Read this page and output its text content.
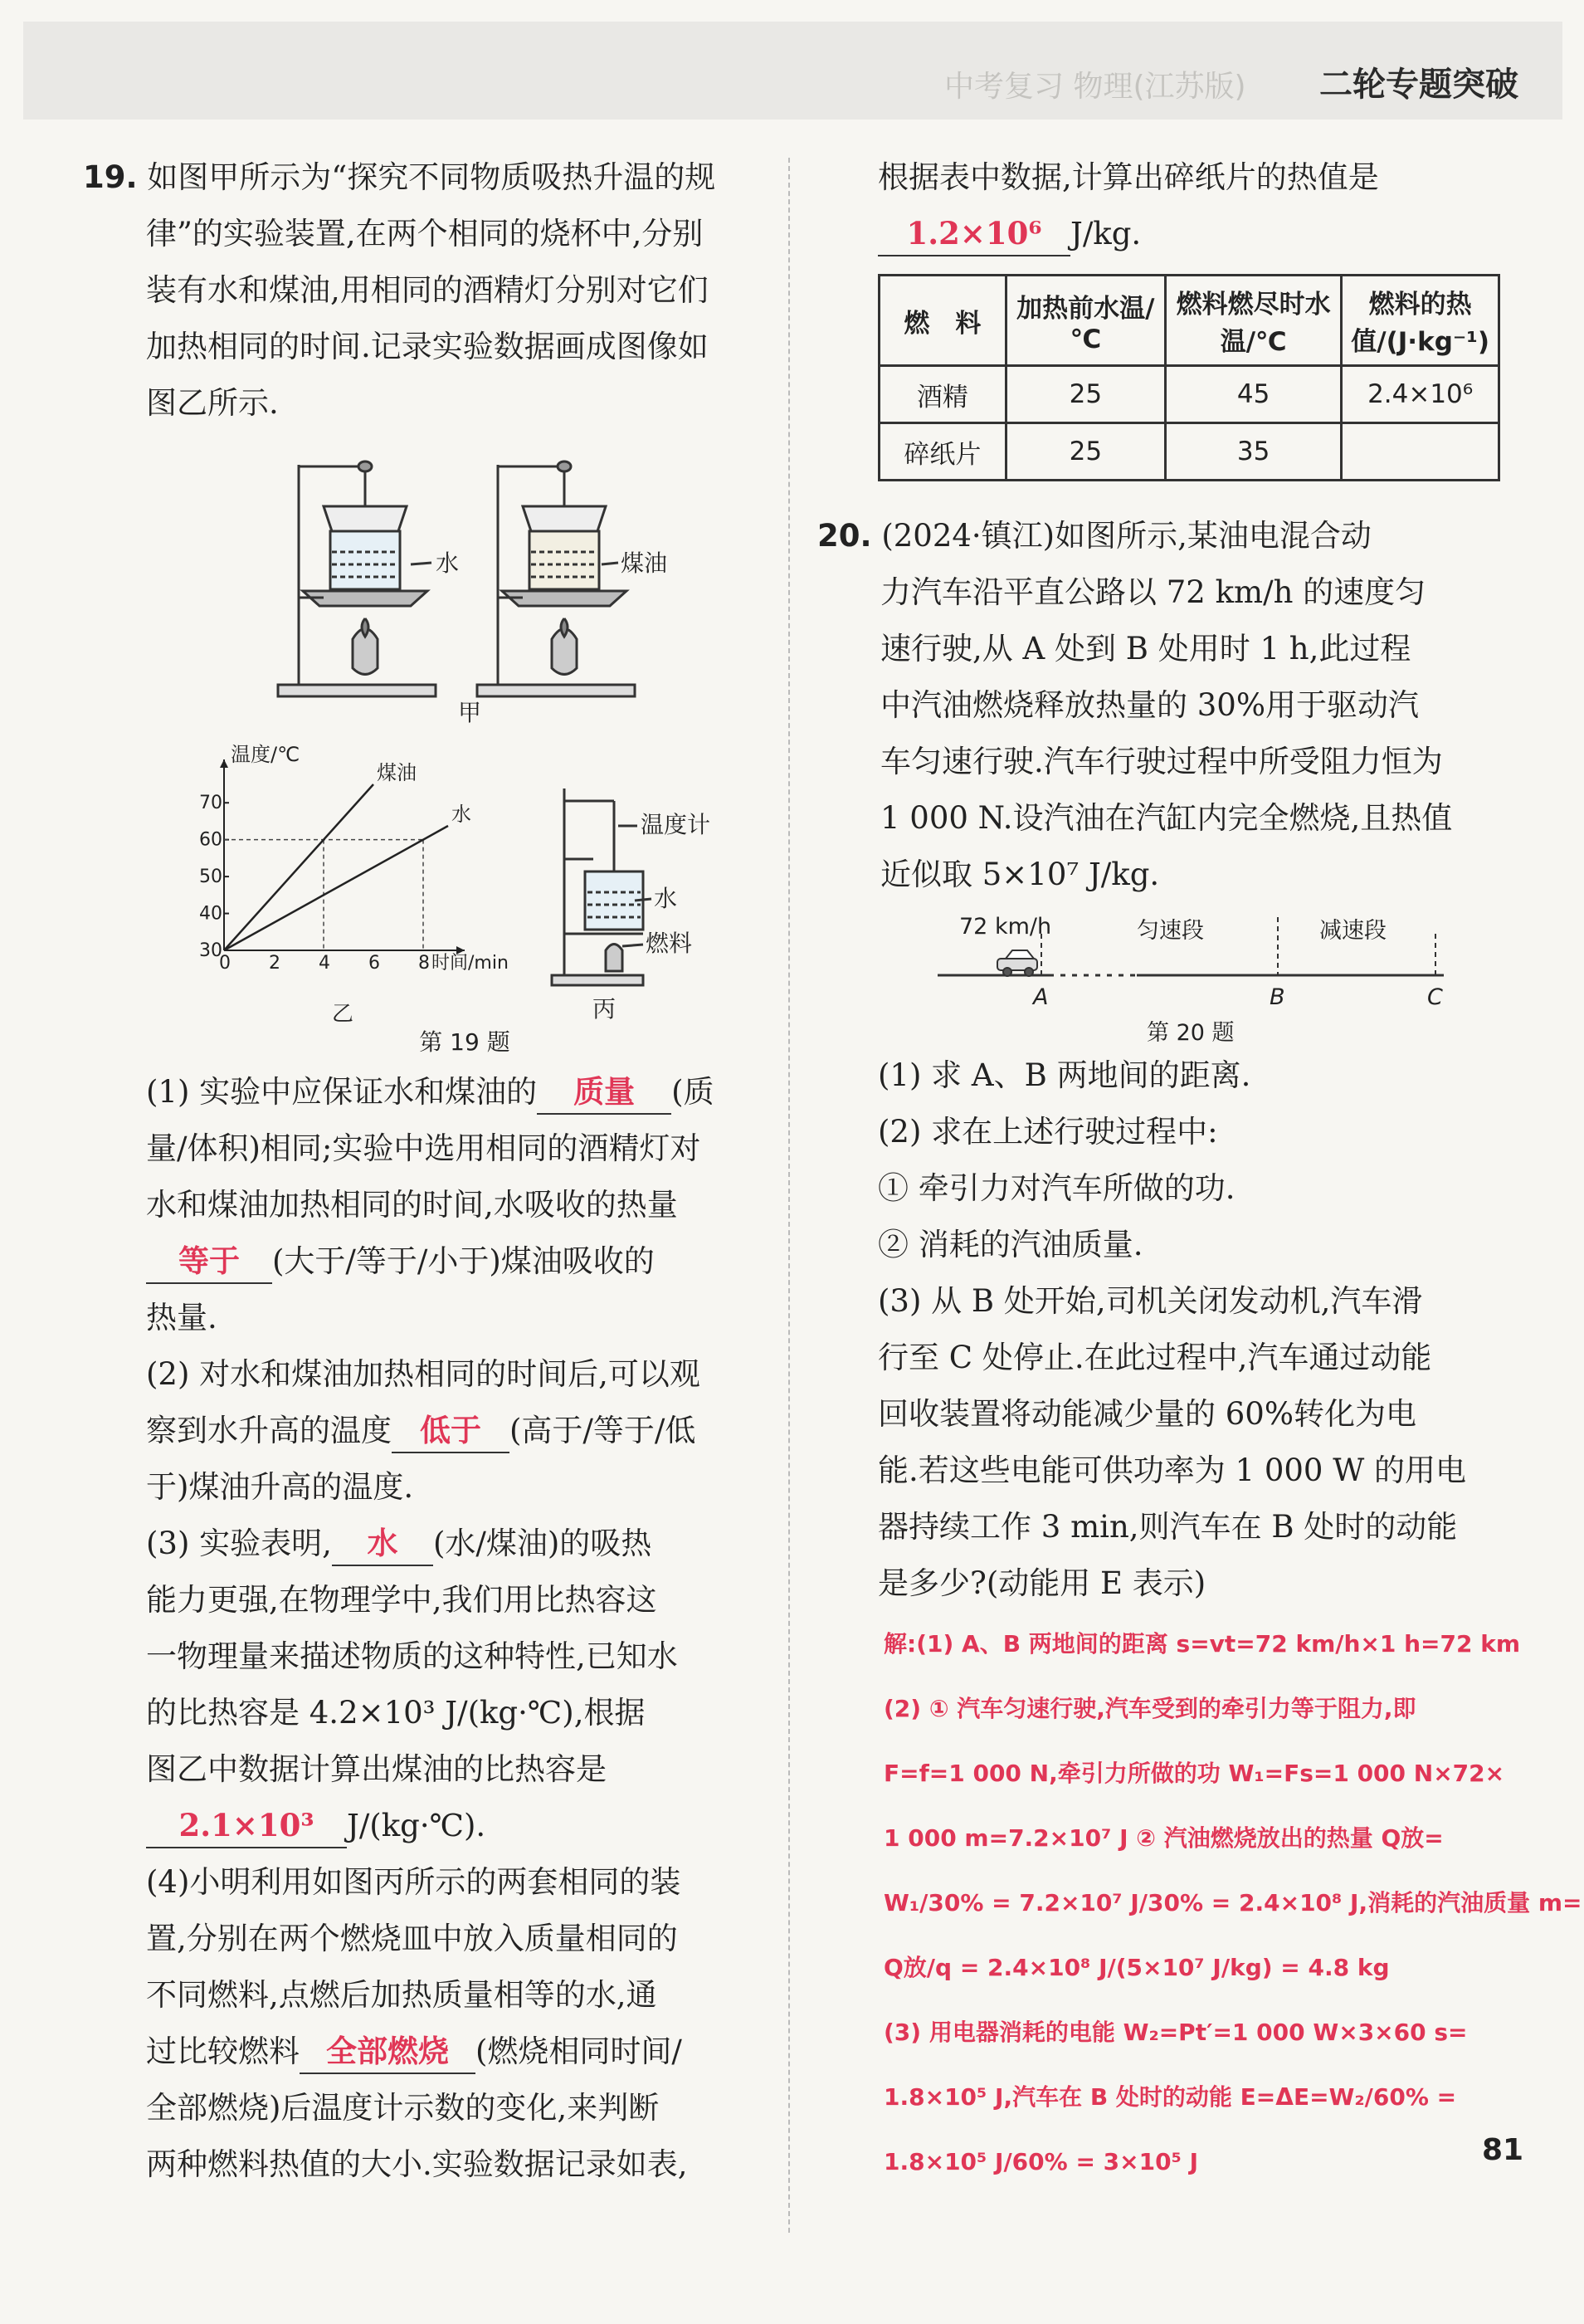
中考复习 物理(江苏版) 二轮专题突破
19. 如图甲所示为“探究不同物质吸热升温的规
律”的实验装置,在两个相同的烧杯中,分别
装有水和煤油,用相同的酒精灯分别对它们
加热相同的时间.记录实验数据画成图像如
图乙所示.
水	煤油
甲
温度/℃
时间/min
0 2 4 6 8
30
40
50
60
70
煤油
水
乙
温度计
水
燃料
丙
第 19 题
(1) 实验中应保证水和煤油的 质量 (质
量/体积)相同;实验中选用相同的酒精灯对
水和煤油加热相同的时间,水吸收的热量
等于 (大于/等于/小于)煤油吸收的
热量.
(2) 对水和煤油加热相同的时间后,可以观
察到水升高的温度 低于 (高于/等于/低
于)煤油升高的温度.
(3) 实验表明, 水 (水/煤油)的吸热
能力更强,在物理学中,我们用比热容这
一物理量来描述物质的这种特性,已知水
的比热容是 4.2×10³ J/(kg·℃),根据
图乙中数据计算出煤油的比热容是
2.1×10³ J/(kg·℃).
(4)小明利用如图丙所示的两套相同的装
置,分别在两个燃烧皿中放入质量相同的
不同燃料,点燃后加热质量相等的水,通
过比较燃料 全部燃烧 (燃烧相同时间/
全部燃烧)后温度计示数的变化,来判断
两种燃料热值的大小.实验数据记录如表,
根据表中数据,计算出碎纸片的热值是
1.2×10⁶ J/kg.
燃　料	加热前水温/℃	燃料燃尽时水温/℃	燃料的热值/(J·kg⁻¹)
酒精	25	45	2.4×10⁶
碎纸片	25	35	
20. (2024·镇江)如图所示,某油电混合动
力汽车沿平直公路以 72 km/h 的速度匀
速行驶,从 A 处到 B 处用时 1 h,此过程
中汽油燃烧释放热量的 30%用于驱动汽
车匀速行驶.汽车行驶过程中所受阻力恒为
1 000 N.设汽油在汽缸内完全燃烧,且热值
近似取 5×10⁷ J/kg.
72 km/h	匀速段	减速段
A	B	C
第 20 题
(1) 求 A、B 两地间的距离.
(2) 求在上述行驶过程中:
① 牵引力对汽车所做的功.
② 消耗的汽油质量.
(3) 从 B 处开始,司机关闭发动机,汽车滑
行至 C 处停止.在此过程中,汽车通过动能
回收装置将动能减少量的 60%转化为电
能.若这些电能可供功率为 1 000 W 的用电
器持续工作 3 min,则汽车在 B 处时的动能
是多少?(动能用 E 表示)
解:(1) A、B 两地间的距离 s=vt=72 km/h×1 h=72 km
(2) ① 汽车匀速行驶,汽车受到的牵引力等于阻力,即
F=f=1 000 N,牵引力所做的功 W₁=Fs=1 000 N×72×
1 000 m=7.2×10⁷ J ② 汽油燃烧放出的热量 Q放=
W₁/30% = 7.2×10⁷ J/30% = 2.4×10⁸ J,消耗的汽油质量 m=
Q放/q = 2.4×10⁸ J/(5×10⁷ J/kg) = 4.8 kg
(3) 用电器消耗的电能 W₂=Pt′=1 000 W×3×60 s=
1.8×10⁵ J,汽车在 B 处时的动能 E=ΔE=W₂/60% =
1.8×10⁵ J/60% = 3×10⁵ J	81
